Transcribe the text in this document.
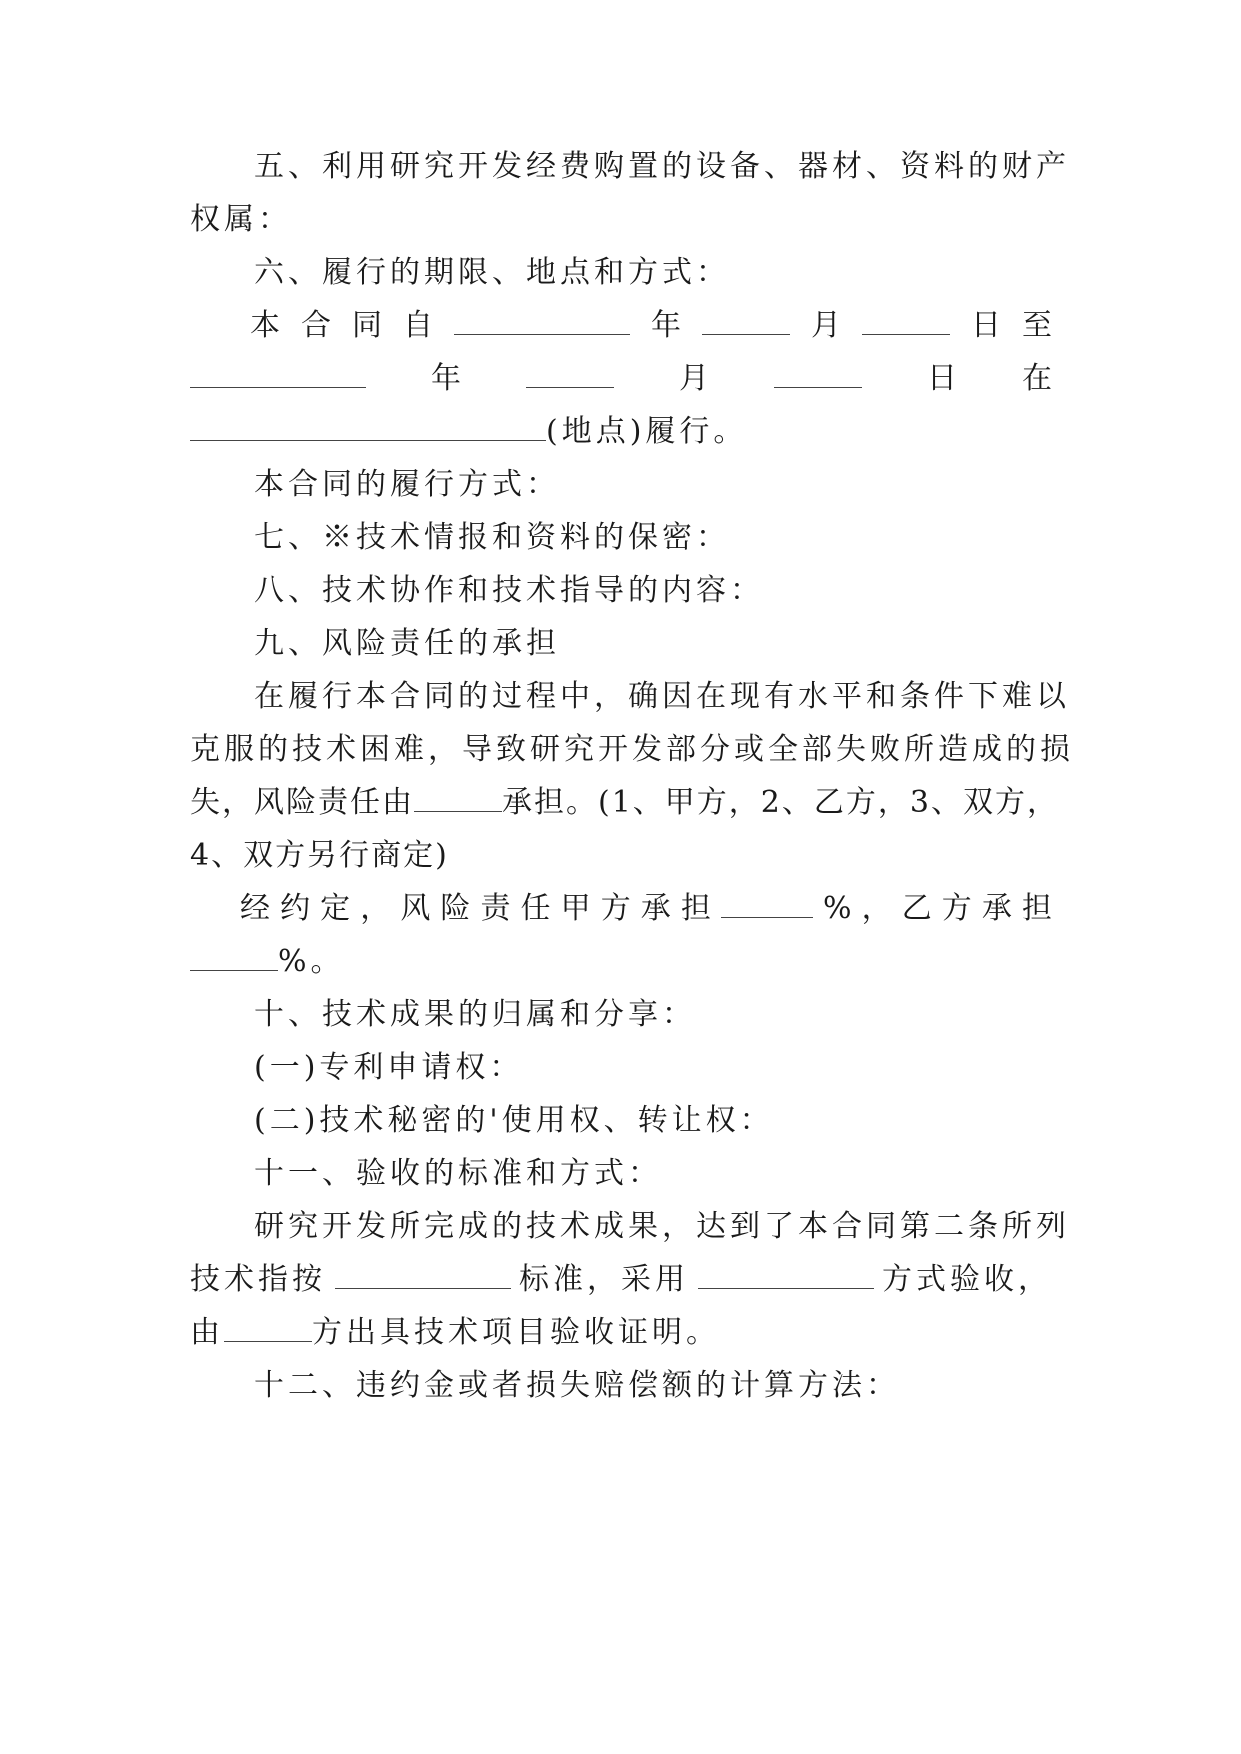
五、利用研究开发经费购置的设备、器材、资料的财产
权属：
六、履行的期限、地点和方式：
本 合 同 自	年	月	日 至
年	月	日 在
(地点)履行。
本合同的履行方式：
七、※技术情报和资料的保密：
八、技术协作和技术指导的内容：
九、风险责任的承担
在履行本合同的过程中，确因在现有水平和条件下难以
克服的技术困难，导致研究开发部分或全部失败所造成的损
失，风险责任由	承担。(1、甲方，2、乙方，3、双方，
4、双方另行商定)
经 约 定 ， 风 险 责 任 甲 方 承 担	% ， 乙 方 承 担
%。
十、技术成果的归属和分享：
(一)专利申请权：
(二)技术秘密的'使用权、转让权：
十一、验收的标准和方式：
研究开发所完成的技术成果，达到了本合同第二条所列
技术指按	标准，采用	方式验收，
由	方出具技术项目验收证明。
十二、违约金或者损失赔偿额的计算方法：
